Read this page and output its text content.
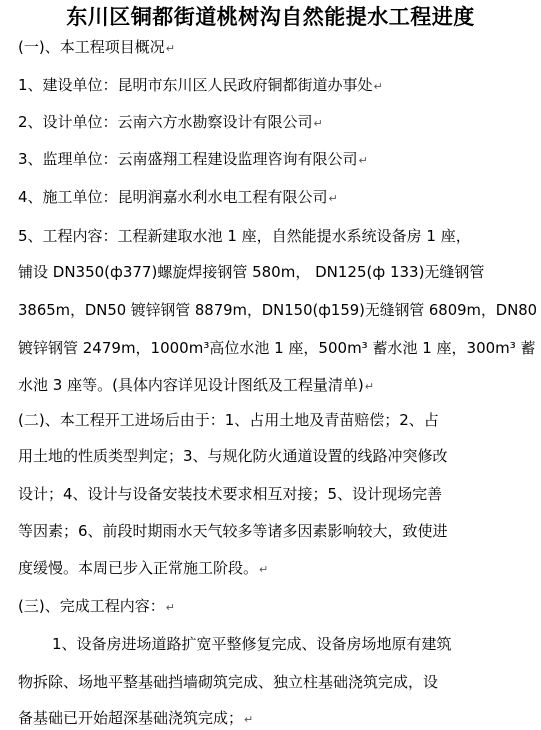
东川区铜都街道桃树沟自然能提水工程进度
(一)、本工程项目概况↵
1、建设单位：昆明市东川区人民政府铜都街道办事处↵
2、设计单位：云南六方水勘察设计有限公司↵
3、监理单位：云南盛翔工程建设监理咨询有限公司↵
4、施工单位：昆明润嘉水利水电工程有限公司↵
5、工程内容：工程新建取水池 1 座，自然能提水系统设备房 1 座，
铺设 DN350(ф377)螺旋焊接钢管 580m， DN125(ф 133)无缝钢管
3865m，DN50 镀锌钢管 8879m，DN150(ф159)无缝钢管 6809m，DN80
镀锌钢管 2479m，1000m³高位水池 1 座，500m³ 蓄水池 1 座，300m³ 蓄
水池 3 座等。(具体内容详见设计图纸及工程量清单)↵
(二)、本工程开工进场后由于：1、占用土地及青苗赔偿；2、占
用土地的性质类型判定；3、与规化防火通道设置的线路冲突修改
设计；4、设计与设备安装技术要求相互对接；5、设计现场完善
等因素；6、前段时期雨水天气较多等诸多因素影响较大，致使进
度缓慢。本周已步入正常施工阶段。↵
(三)、完成工程内容：↵
1、设备房进场道路扩宽平整修复完成、设备房场地原有建筑
物拆除、场地平整基础挡墙砌筑完成、独立柱基础浇筑完成，设
备基础已开始超深基础浇筑完成；↵
